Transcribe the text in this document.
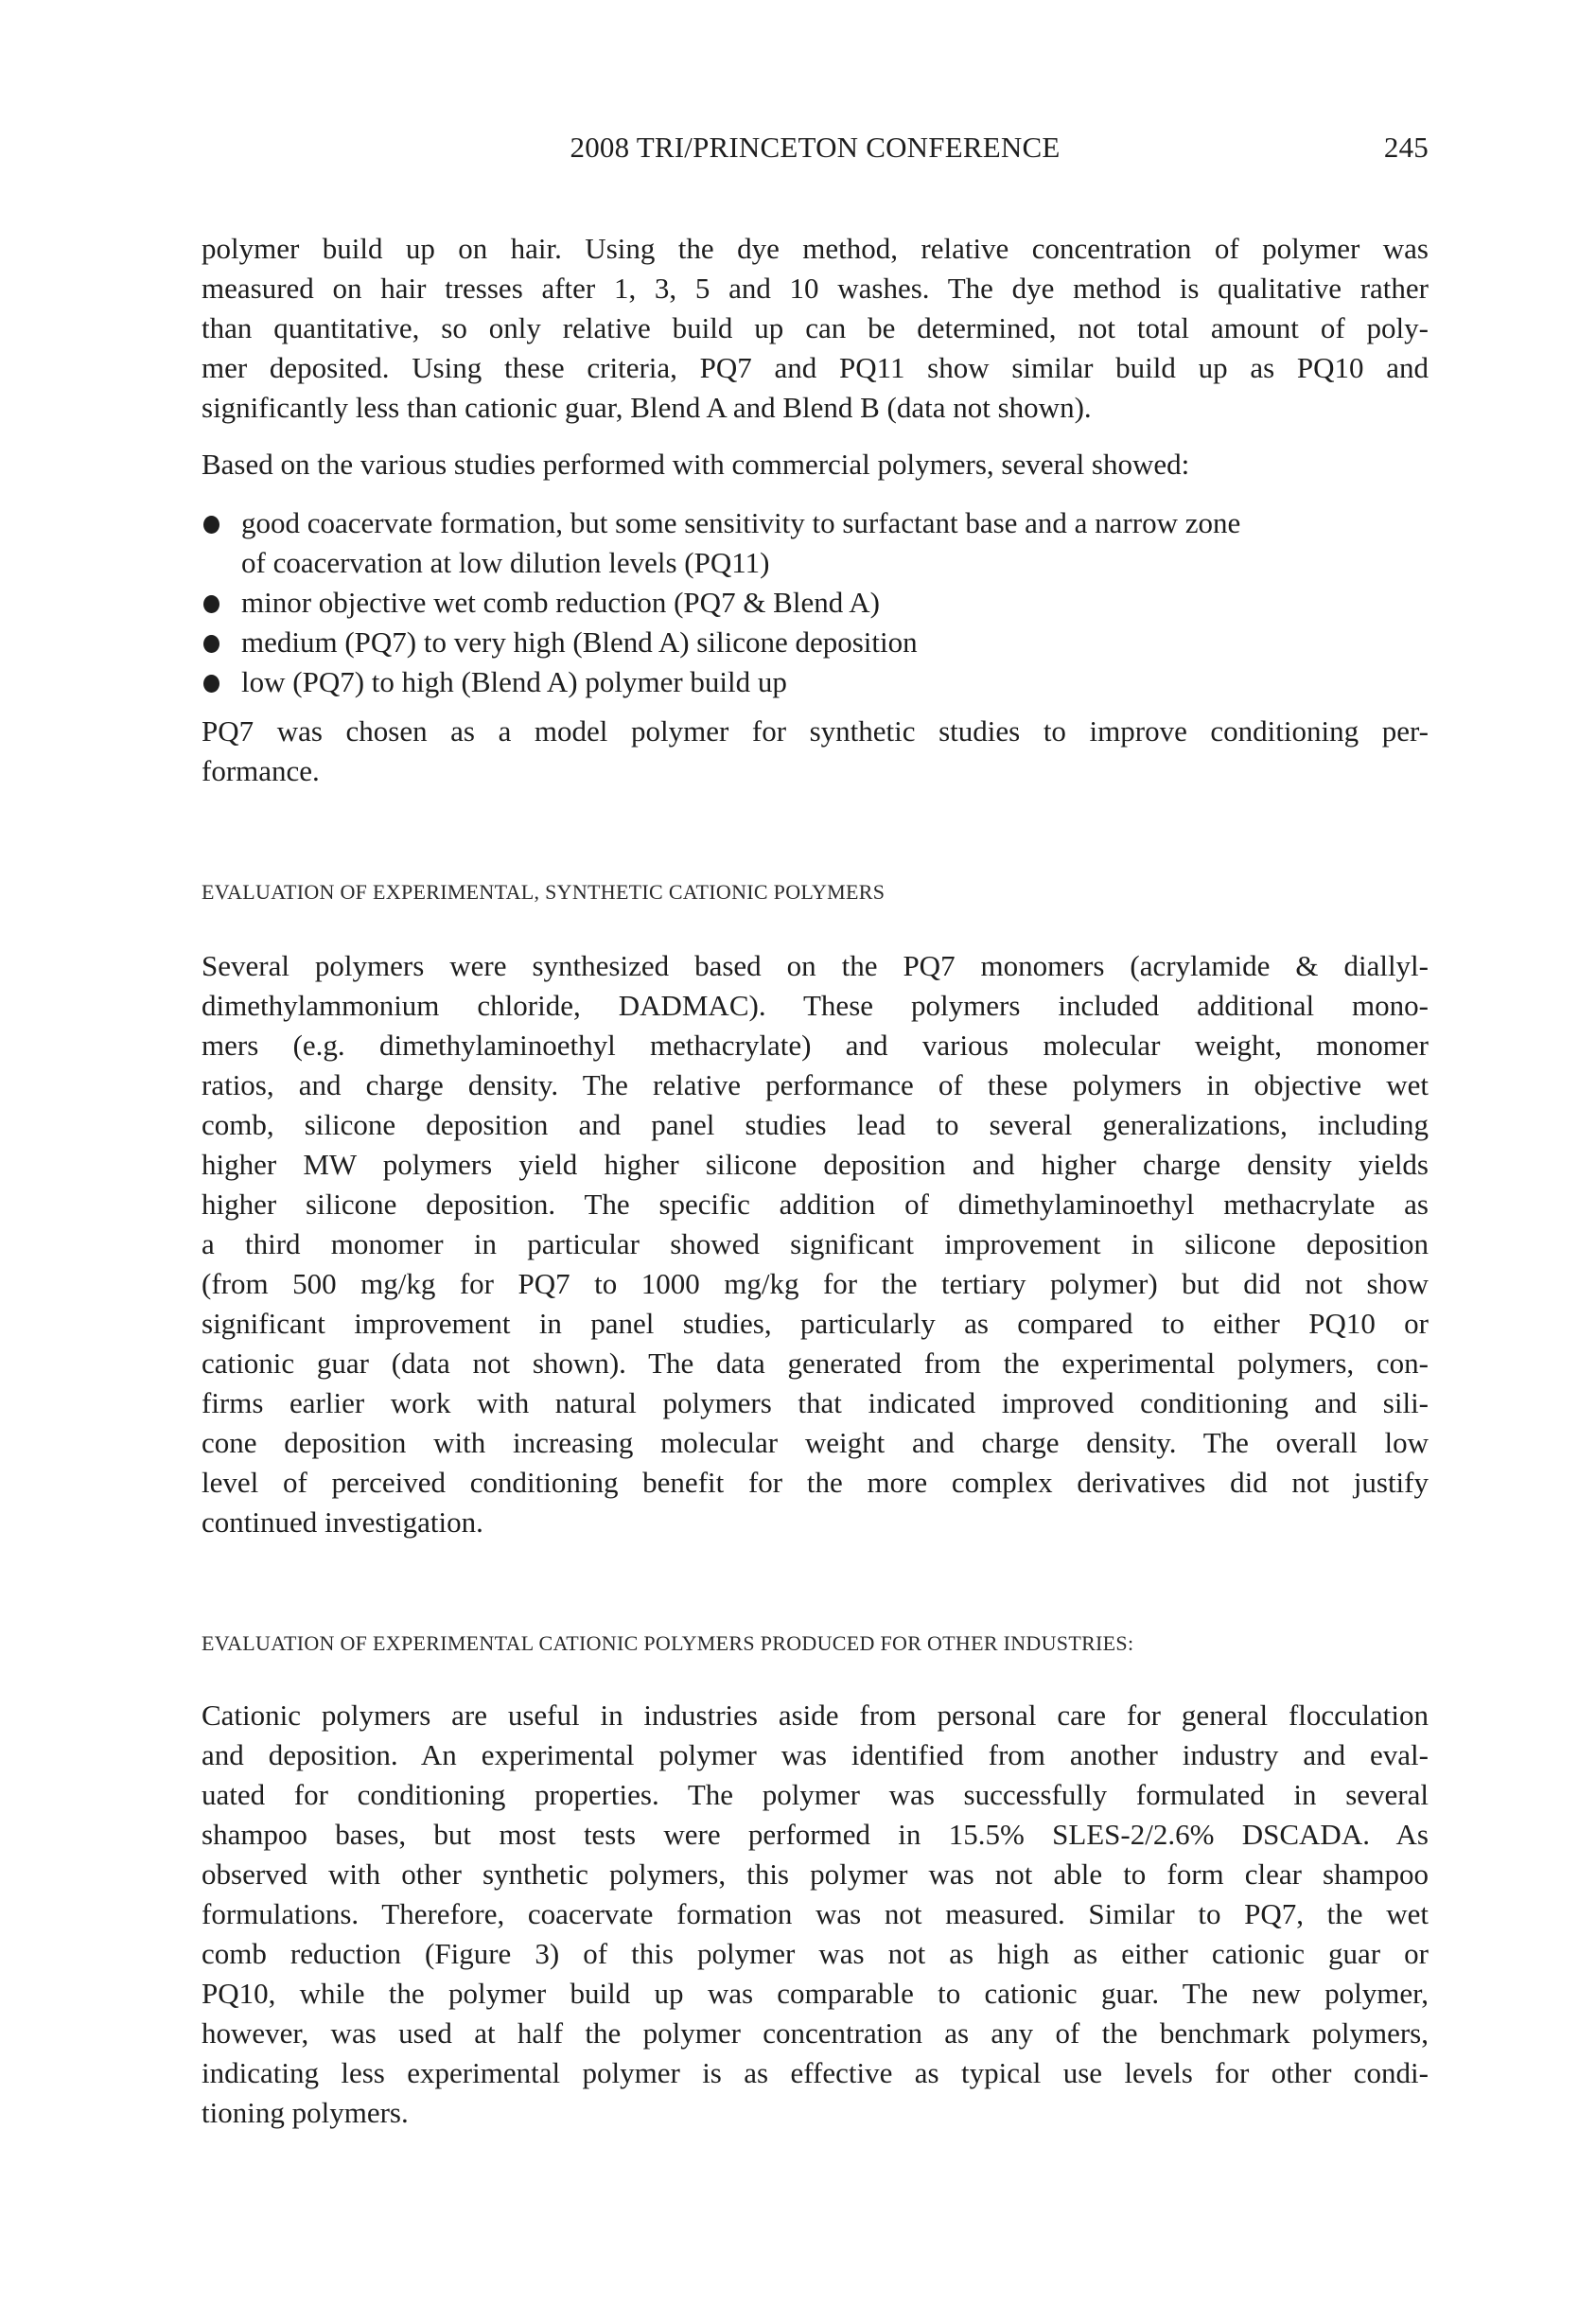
2008 TRI/PRINCETON CONFERENCE	245
polymer build up on hair. Using the dye method, relative concentration of polymer was
measured on hair tresses after 1, 3, 5 and 10 washes. The dye method is qualitative rather
than quantitative, so only relative build up can be determined, not total amount of poly-
mer deposited. Using these criteria, PQ7 and PQ11 show similar build up as PQ10 and
significantly less than cationic guar, Blend A and Blend B (data not shown).
Based on the various studies performed with commercial polymers, several showed:
good coacervate formation, but some sensitivity to surfactant base and a narrow zone
of coacervation at low dilution levels (PQ11)
minor objective wet comb reduction (PQ7 & Blend A)
medium (PQ7) to very high (Blend A) silicone deposition
low (PQ7) to high (Blend A) polymer build up
PQ7 was chosen as a model polymer for synthetic studies to improve conditioning per-
formance.
EVALUATION OF EXPERIMENTAL, SYNTHETIC CATIONIC POLYMERS
Several polymers were synthesized based on the PQ7 monomers (acrylamide & diallyl-
dimethylammonium chloride, DADMAC). These polymers included additional mono-
mers (e.g. dimethylaminoethyl methacrylate) and various molecular weight, monomer
ratios, and charge density. The relative performance of these polymers in objective wet
comb, silicone deposition and panel studies lead to several generalizations, including
higher MW polymers yield higher silicone deposition and higher charge density yields
higher silicone deposition. The specific addition of dimethylaminoethyl methacrylate as
a third monomer in particular showed significant improvement in silicone deposition
(from 500 mg/kg for PQ7 to 1000 mg/kg for the tertiary polymer) but did not show
significant improvement in panel studies, particularly as compared to either PQ10 or
cationic guar (data not shown). The data generated from the experimental polymers, con-
firms earlier work with natural polymers that indicated improved conditioning and sili-
cone deposition with increasing molecular weight and charge density. The overall low
level of perceived conditioning benefit for the more complex derivatives did not justify
continued investigation.
EVALUATION OF EXPERIMENTAL CATIONIC POLYMERS PRODUCED FOR OTHER INDUSTRIES:
Cationic polymers are useful in industries aside from personal care for general flocculation
and deposition. An experimental polymer was identified from another industry and eval-
uated for conditioning properties. The polymer was successfully formulated in several
shampoo bases, but most tests were performed in 15.5% SLES-2/2.6% DSCADA. As
observed with other synthetic polymers, this polymer was not able to form clear shampoo
formulations. Therefore, coacervate formation was not measured. Similar to PQ7, the wet
comb reduction (Figure 3) of this polymer was not as high as either cationic guar or
PQ10, while the polymer build up was comparable to cationic guar. The new polymer,
however, was used at half the polymer concentration as any of the benchmark polymers,
indicating less experimental polymer is as effective as typical use levels for other condi-
tioning polymers.
